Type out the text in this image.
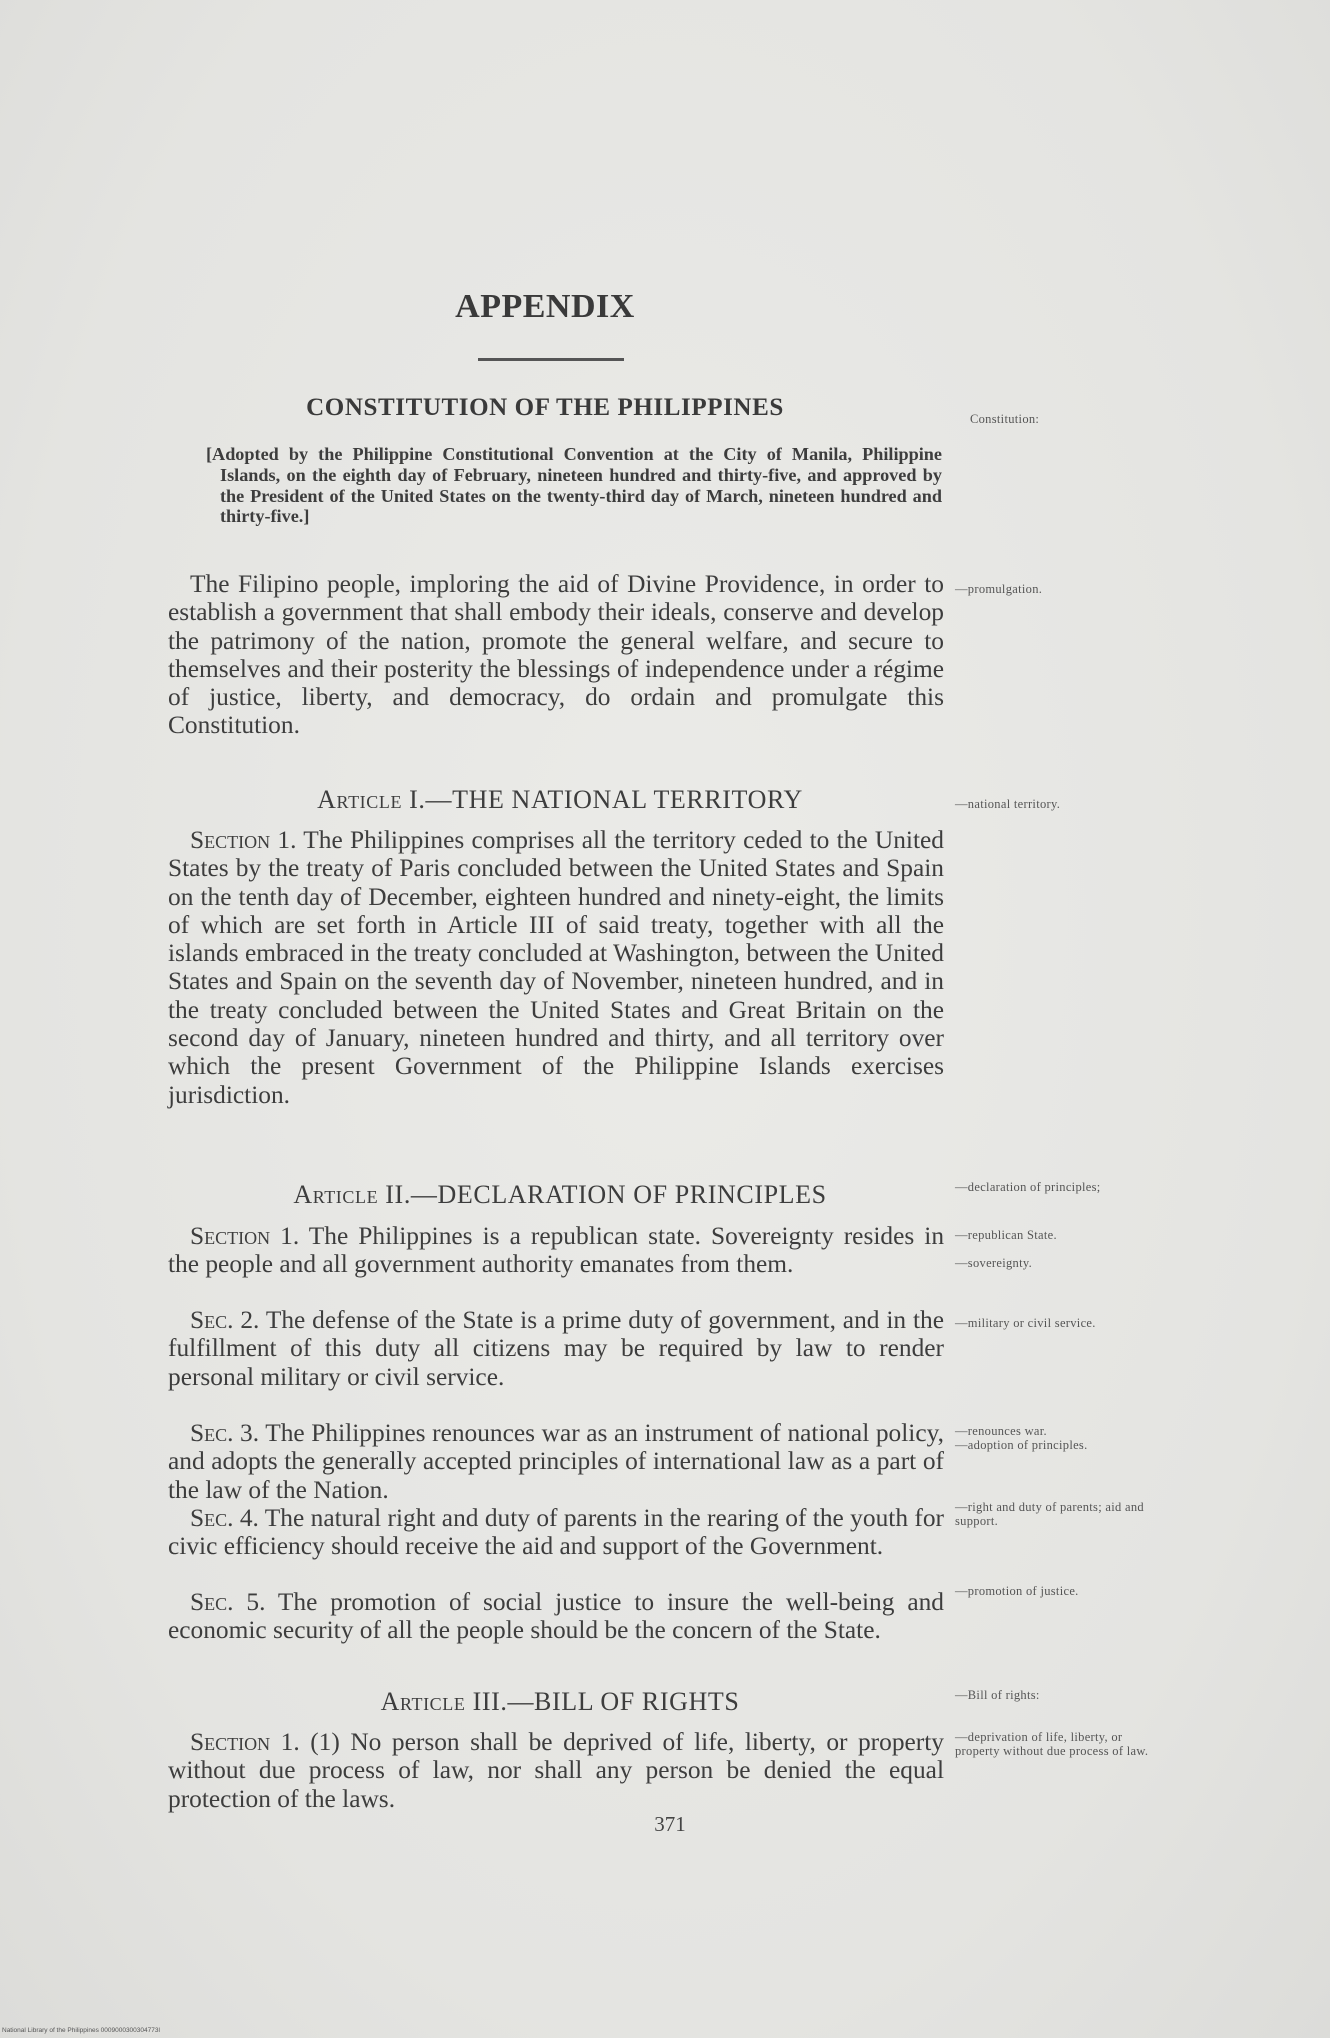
APPENDIX
CONSTITUTION OF THE PHILIPPINES	Constitution:
[Adopted by the Philippine Constitutional Convention at the City of Manila, Philippine Islands, on the eighth day of February, nineteen hundred and thirty-five, and approved by the President of the United States on the twenty-third day of March, nineteen hundred and thirty-five.]
The Filipino people, imploring the aid of Divine Providence, in order to establish a government that shall embody their ideals, conserve and develop the patrimony of the nation, promote the general welfare, and secure to themselves and their posterity the blessings of independence under a régime of justice, liberty, and democracy, do ordain and promulgate this Constitution.
—promulgation.
Article I.—THE NATIONAL TERRITORY	—national territory.
Section 1. The Philippines comprises all the territory ceded to the United States by the treaty of Paris concluded between the United States and Spain on the tenth day of December, eighteen hundred and ninety-eight, the limits of which are set forth in Article III of said treaty, together with all the islands embraced in the treaty concluded at Washington, between the United States and Spain on the seventh day of November, nineteen hundred, and in the treaty concluded between the United States and Great Britain on the second day of January, nineteen hundred and thirty, and all territory over which the present Government of the Philippine Islands exercises jurisdiction.
Article II.—DECLARATION OF PRINCIPLES	—declaration of principles;
Section 1. The Philippines is a republican state. Sovereignty resides in the people and all government authority emanates from them.
—republican State.
—sovereignty.
Sec. 2. The defense of the State is a prime duty of government, and in the fulfillment of this duty all citizens may be required by law to render personal military or civil service.
—military or civil service.
Sec. 3. The Philippines renounces war as an instrument of national policy, and adopts the generally accepted principles of international law as a part of the law of the Nation.
—renounces war.
—adoption of principles.
Sec. 4. The natural right and duty of parents in the rearing of the youth for civic efficiency should receive the aid and support of the Government.
—right and duty of parents; aid and support.
Sec. 5. The promotion of social justice to insure the well-being and economic security of all the people should be the concern of the State.
—promotion of justice.
Article III.—BILL OF RIGHTS	—Bill of rights:
Section 1. (1) No person shall be deprived of life, liberty, or property without due process of law, nor shall any person be denied the equal protection of the laws.
—deprivation of life, liberty, or property without due process of law.
371
National Library of the Philippines 0009000300304773l
